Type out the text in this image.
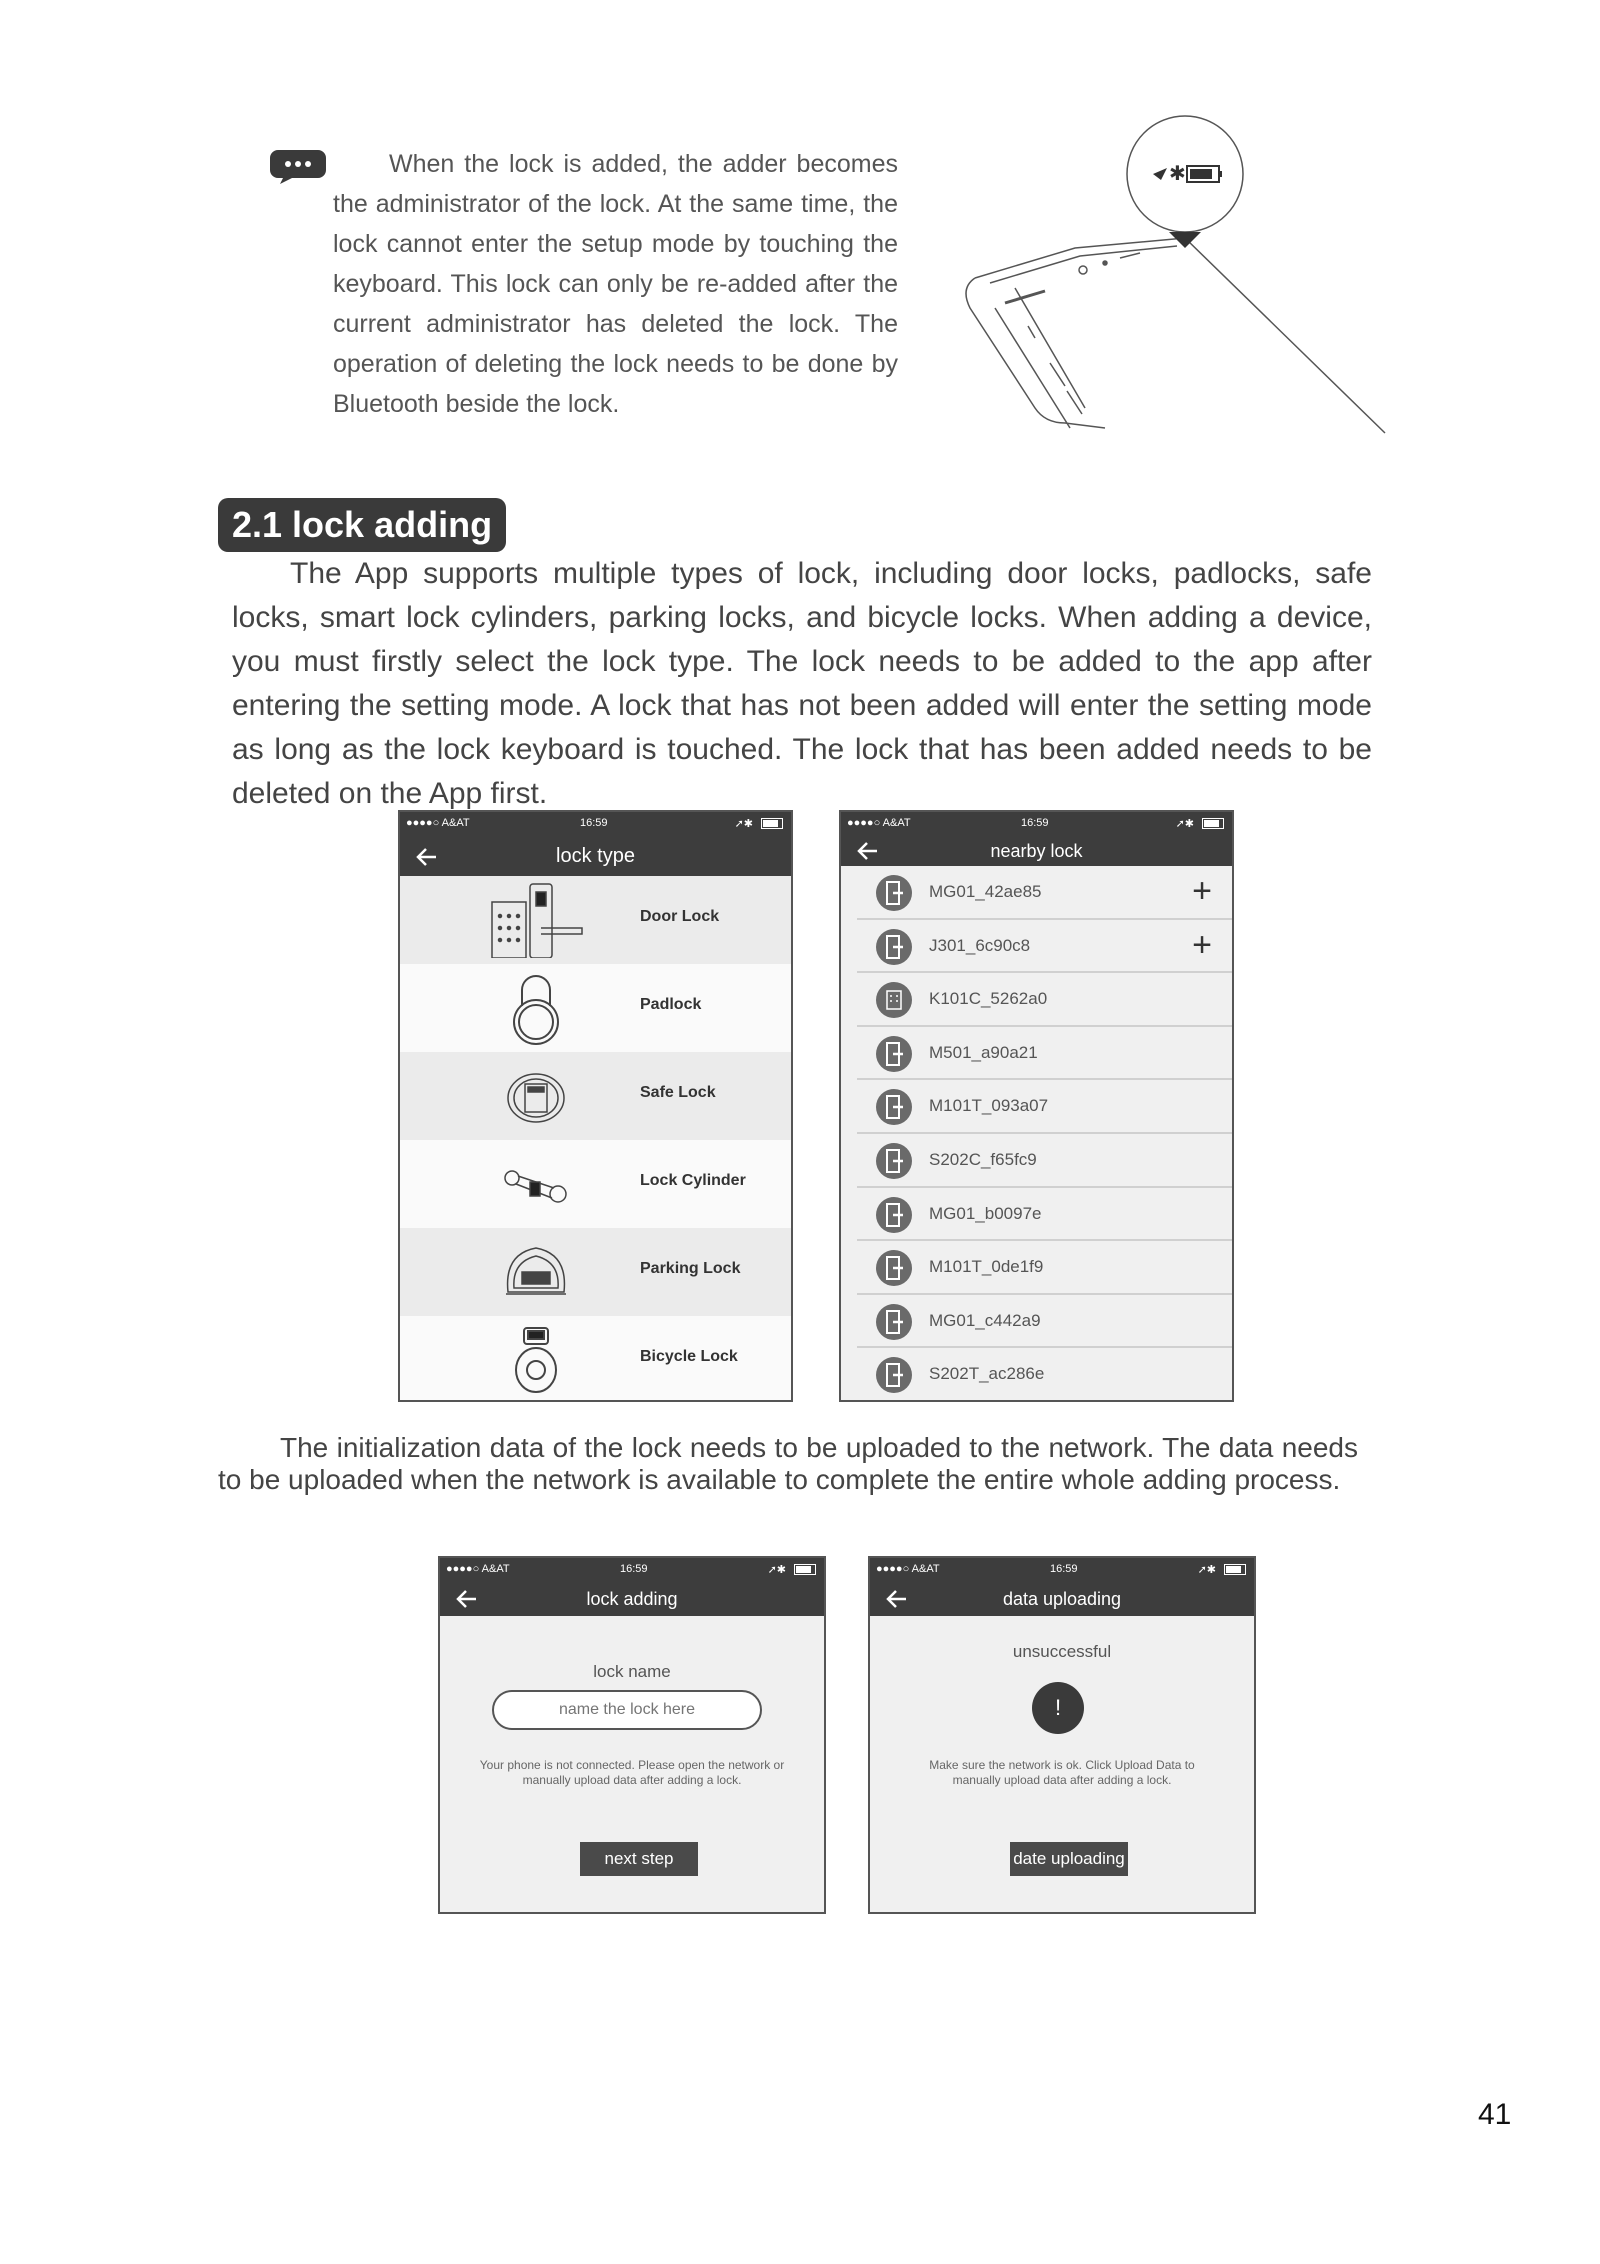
When the lock is added, the adder becomes the administrator of the lock. At the same time, the lock cannot enter the setup mode by touching the keyboard. This lock can only be re-added after the current administrator has deleted the lock. The operation of deleting the lock needs to be done by Bluetooth beside the lock.
✱
2.1 lock adding
The App supports multiple types of lock, including door locks, padlocks, safe locks, smart lock cylinders, parking locks, and bicycle locks. When adding a device, you must firstly select the lock type. The lock needs to be added to the app after entering the setting mode. A lock that has not been added will enter the setting mode as long as the lock keyboard is touched. The lock that has been added needs to be deleted on the App first.
●●●●○ A&AT	16:59	➚✱
lock type
Door Lock
Padlock
Safe Lock
Lock Cylinder
Parking Lock
Bicycle Lock
●●●●○ A&AT	16:59	➚✱
nearby lock
MG01_42ae85	+
J301_6c90c8	+
K101C_5262a0
M501_a90a21
M101T_093a07
S202C_f65fc9
MG01_b0097e
M101T_0de1f9
MG01_c442a9
S202T_ac286e
The initialization data of the lock needs to be uploaded to the network. The data needs to be uploaded when the network is available to complete the entire whole adding process.
●●●●○ A&AT	16:59	➚✱
lock adding
lock name
name the lock here
Your phone is not connected. Please open the network or
manually upload data after adding a lock.
next step
●●●●○ A&AT	16:59	➚✱
data uploading
unsuccessful
!
Make sure the network is ok. Click Upload Data to
manually upload data after adding a lock.
date uploading
41
